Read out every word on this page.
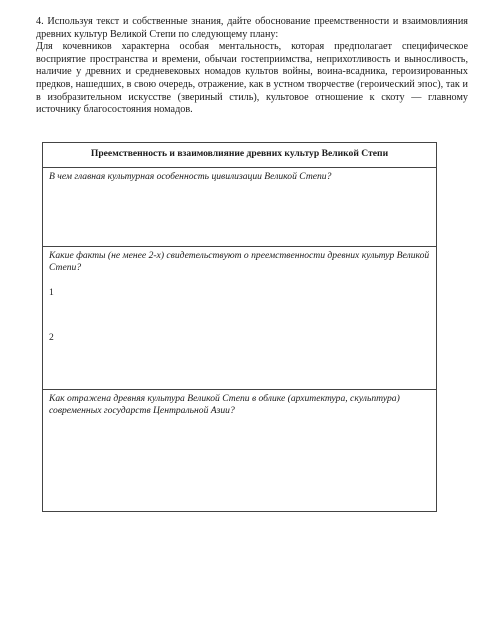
4. Используя текст и собственные знания, дайте обоснование преемственности и взаимовлияния древних культур Великой Степи по следующему плану:

Для кочевников характерна особая ментальность, которая предполагает специфическое восприятие пространства и времени, обычаи гостеприимства, неприхотливость и выносливость, наличие у древних и средневековых номадов культов войны, воина-всадника, героизированных предков, нашедших, в свою очередь, отражение, как в устном творчестве (героический эпос), так и в изобразительном искусстве (звериный стиль), культовое отношение к скоту — главному источнику благосостояния номадов.

Преемственность и взаимовлияние древних культур Великой Степи

В чем главная культурная особенность цивилизации Великой Степи?

Какие факты (не менее 2-х) свидетельствуют о преемственности древних культур Великой Степи?
1
2

Как отражена древняя культура Великой Степи в облике (архитектура, скульптура) современных государств Центральной Азии?
